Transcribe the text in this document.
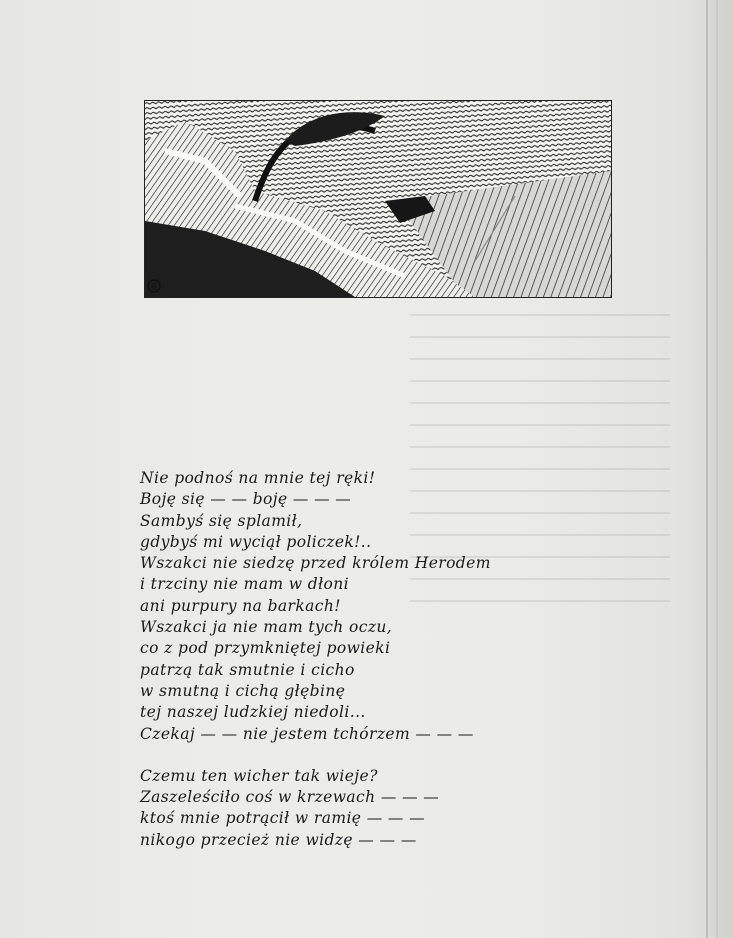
B
Nie podnoś na mnie tej ręki!
Boję się — — boję — — —
Sambyś się splamił,
gdybyś mi wyciął policzek!..
Wszakci nie siedzę przed królem Herodem
i trzciny nie mam w dłoni
ani purpury na barkach!
Wszakci ja nie mam tych oczu,
co z pod przymkniętej powieki
patrzą tak smutnie i cicho
w smutną i cichą głębinę
tej naszej ludzkiej niedoli...
Czekaj — — nie jestem tchórzem — — —
Czemu ten wicher tak wieje?
Zaszeleściło coś w krzewach — — —
ktoś mnie potrącił w ramię — — —
nikogo przecież nie widzę — — —
